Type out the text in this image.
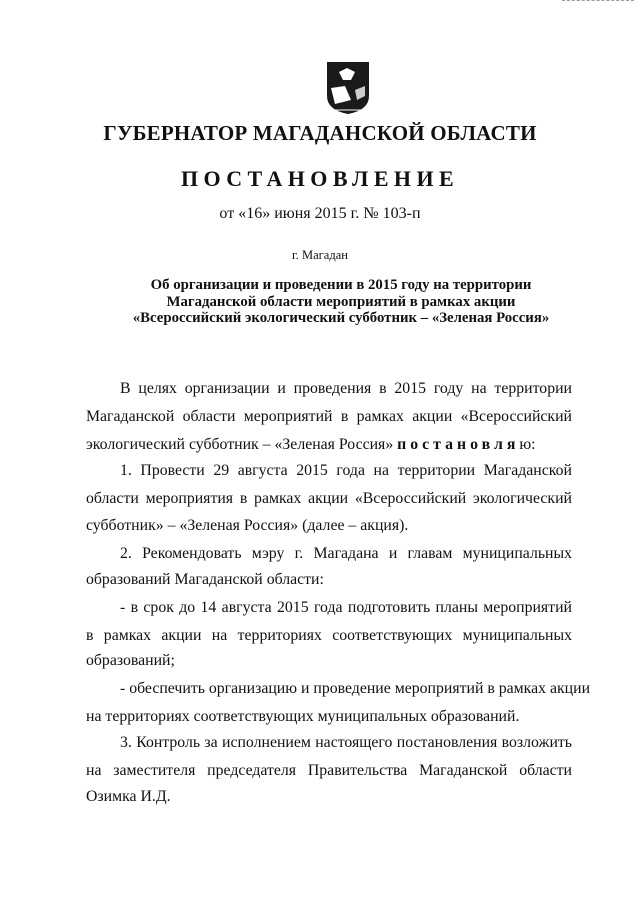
ГУБЕРНАТОР МАГАДАНСКОЙ ОБЛАСТИ
ПОСТАНОВЛЕНИЕ
от «16» июня 2015 г. № 103-п
г. Магадан
Об организации и проведении в 2015 году на территории
Магаданской области мероприятий в рамках акции
«Всероссийский экологический субботник – «Зеленая Россия»
В целях организации и проведения в 2015 году на территории
Магаданской области мероприятий в рамках акции «Всероссийский
экологический субботник – «Зеленая Россия» постановляю:
1. Провести 29 августа 2015 года на территории Магаданской
области мероприятия в рамках акции «Всероссийский экологический
субботник» – «Зеленая Россия» (далее – акция).
2. Рекомендовать мэру г. Магадана и главам муниципальных
образований Магаданской области:
- в срок до 14 августа 2015 года подготовить планы мероприятий
в рамках акции на территориях соответствующих муниципальных
образований;
- обеспечить организацию и проведение мероприятий в рамках акции
на территориях соответствующих муниципальных образований.
3. Контроль за исполнением настоящего постановления возложить
на заместителя председателя Правительства Магаданской области
Озимка И.Д.
